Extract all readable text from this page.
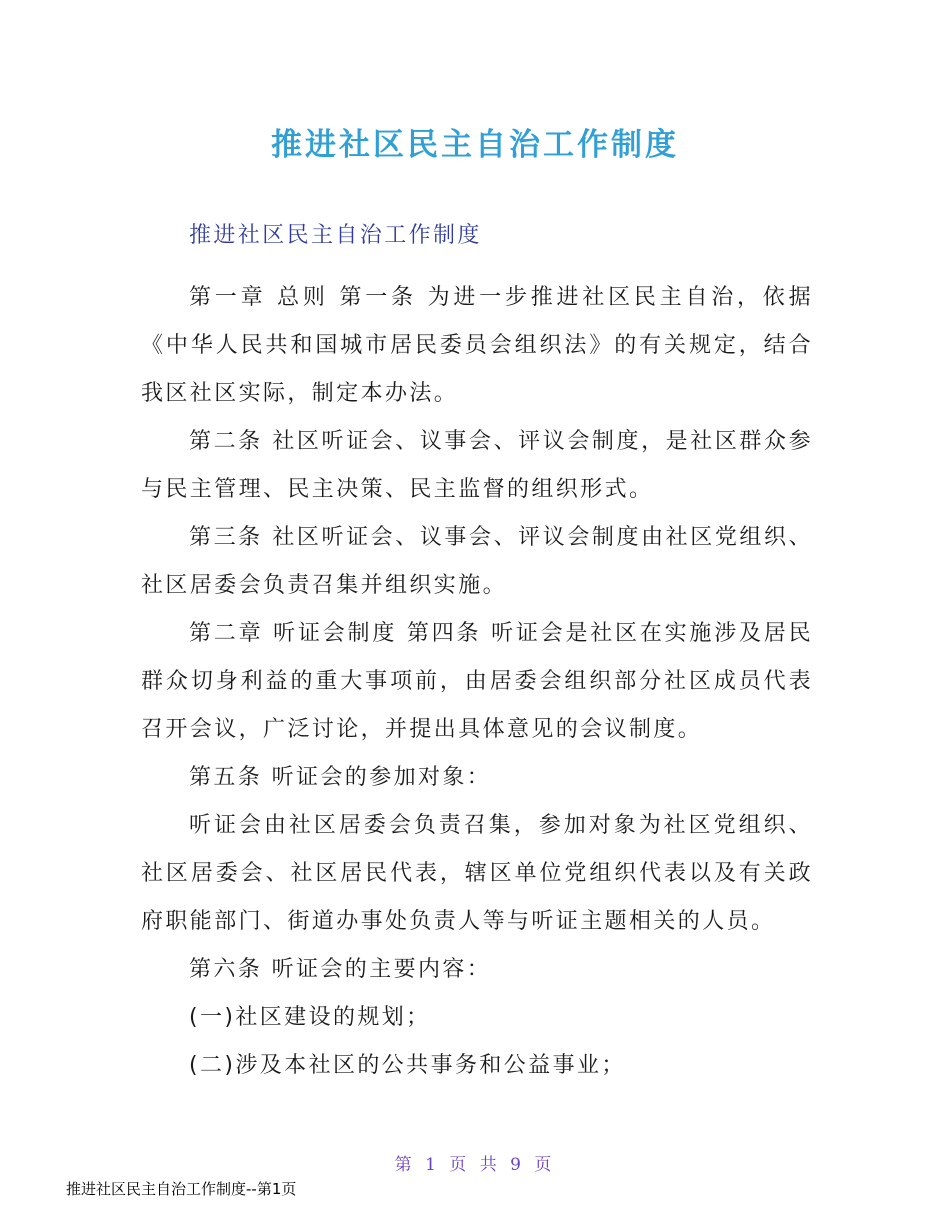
推进社区民主自治工作制度

推进社区民主自治工作制度

第一章 总则 第一条 为进一步推进社区民主自治，依据《中华人民共和国城市居民委员会组织法》的有关规定，结合我区社区实际，制定本办法。

第二条 社区听证会、议事会、评议会制度，是社区群众参与民主管理、民主决策、民主监督的组织形式。

第三条 社区听证会、议事会、评议会制度由社区党组织、社区居委会负责召集并组织实施。

第二章 听证会制度 第四条 听证会是社区在实施涉及居民群众切身利益的重大事项前，由居委会组织部分社区成员代表召开会议，广泛讨论，并提出具体意见的会议制度。

第五条 听证会的参加对象：

听证会由社区居委会负责召集，参加对象为社区党组织、社区居委会、社区居民代表，辖区单位党组织代表以及有关政府职能部门、街道办事处负责人等与听证主题相关的人员。

第六条 听证会的主要内容：

(一)社区建设的规划；

(二)涉及本社区的公共事务和公益事业；

第 1 页 共 9 页
推进社区民主自治工作制度--第1页
